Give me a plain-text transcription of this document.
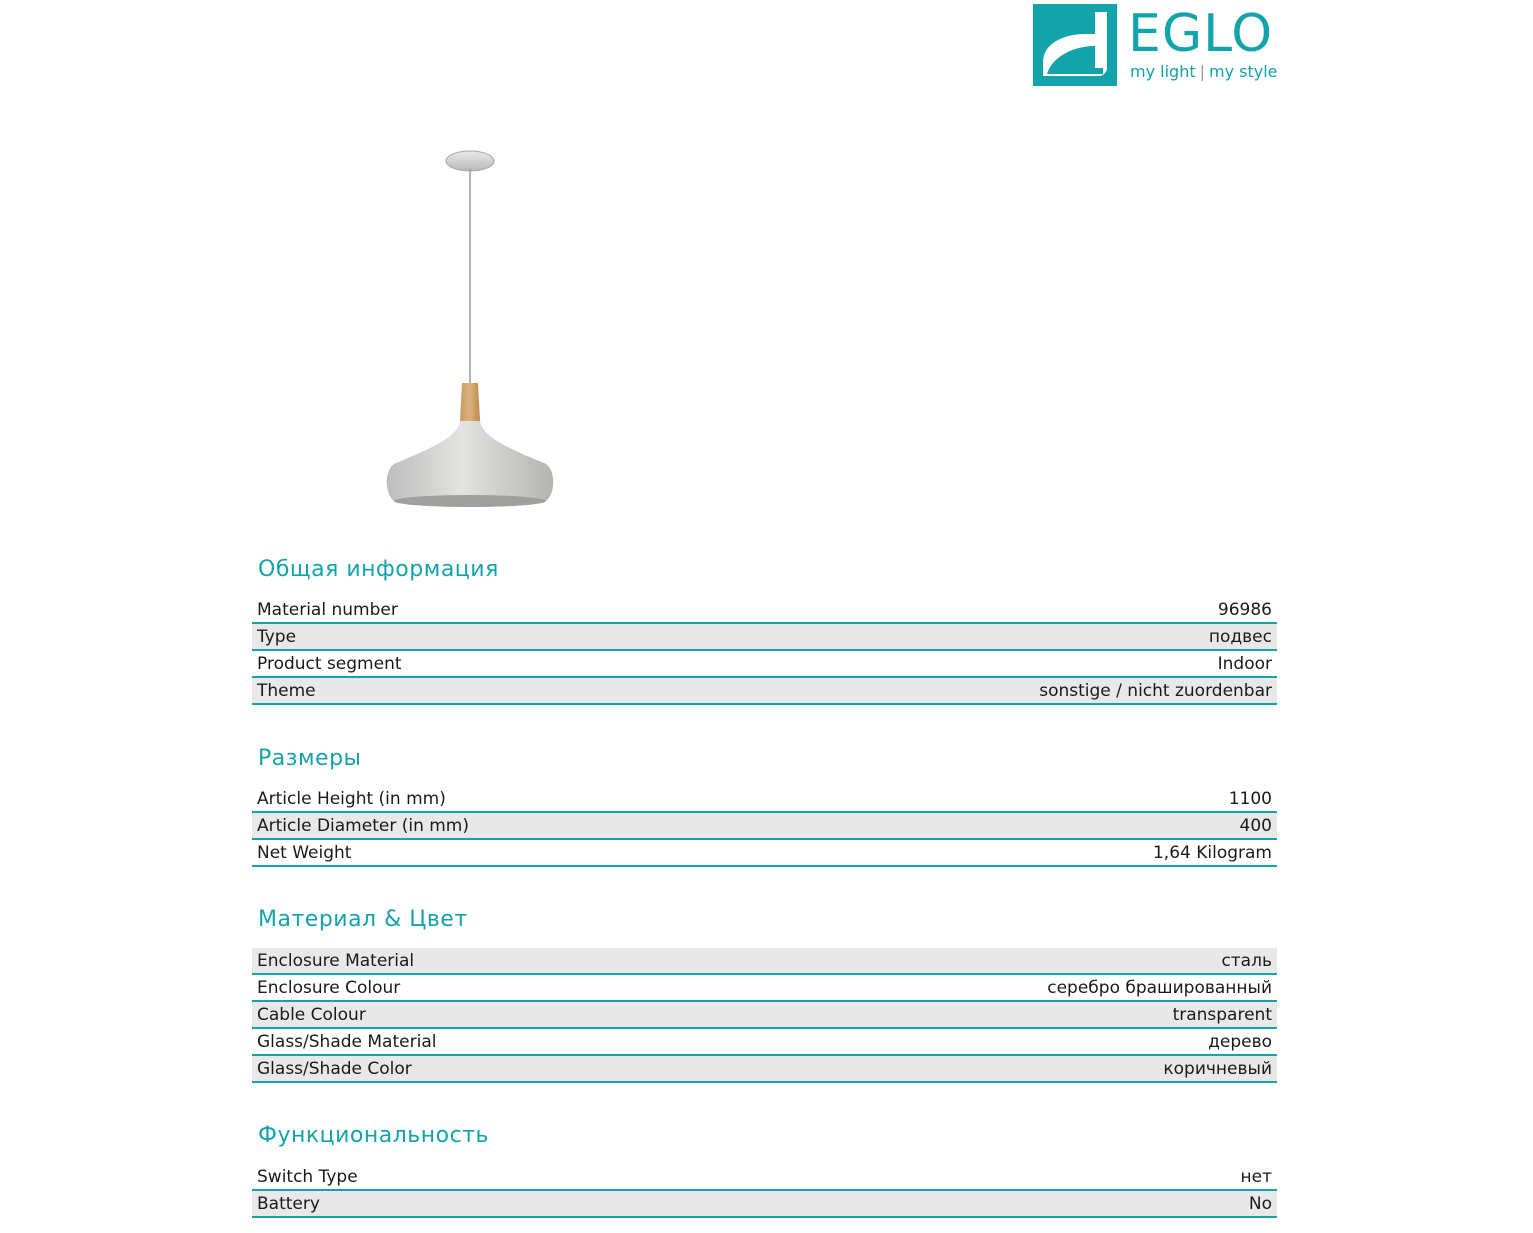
EGLO
my light | my style
Общая информация
Material number	96986
Type	подвес
Product segment	Indoor
Theme	sonstige / nicht zuordenbar
Размеры
Article Height (in mm)	1100
Article Diameter (in mm)	400
Net Weight	1,64 Kilogram
Материал & Цвет
Enclosure Material	сталь
Enclosure Colour	серебро брашированный
Cable Colour	transparent
Glass/Shade Material	дерево
Glass/Shade Color	коричневый
Функциональность
Switch Type	нет
Battery	No
